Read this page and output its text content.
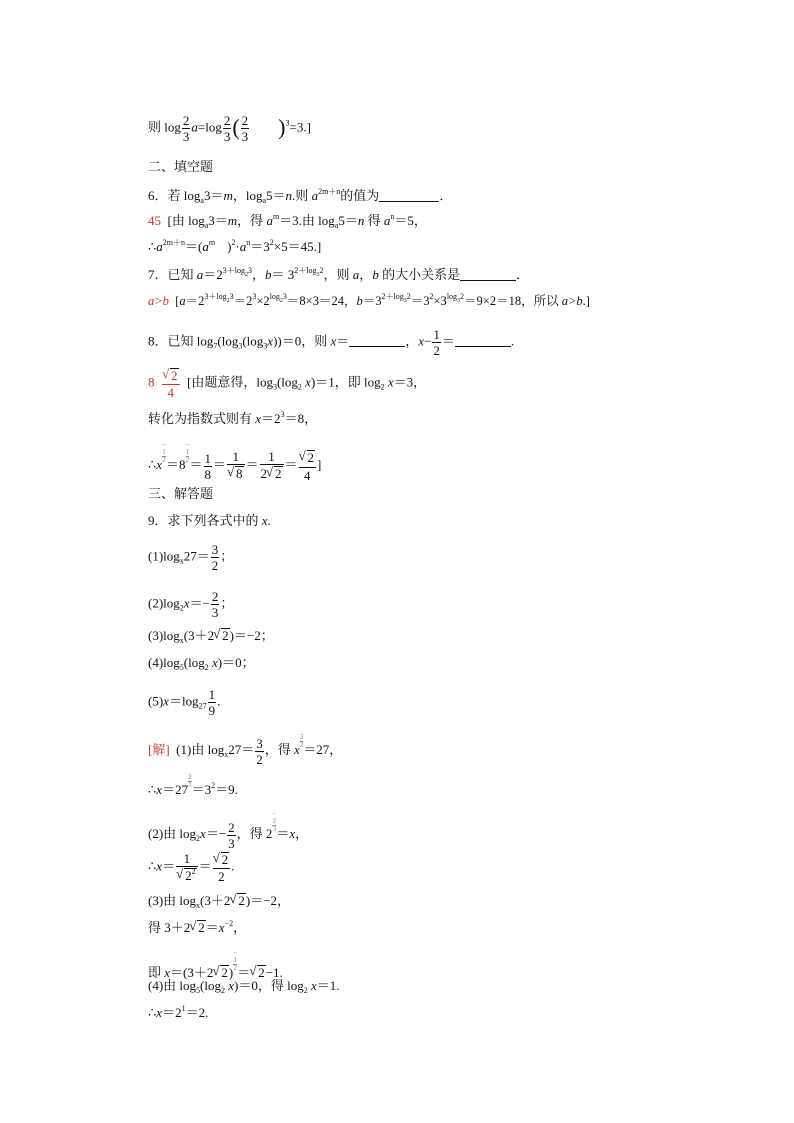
则 $\log \frac{2}{3} a=\log \frac{2}{3}$ ( $\frac{2}{3} )^3=3$.]
二、填空题
6．若 $\log_a3=m$，$\log_a5=n$.则 $a^{2m+n}$的值为	．
45 [由 $\log_a3=m$，得 $a^m=3$.由 $\log_a5=n$ 得 $a^n=5$，
$\therefore a^{2m+n}=(a^m$ )$^2\cdot a^n=3^2\times 5=45$.]
7．已知 $a=2^{3+log_23}$，$b= 3^{2+log_32}$，则 a，b 的大小关系是	．
a>b [$a=2^{3+log_23}=2^3\times 2^{log_23}=8\times 3=24$，$b=3^{2+log_32}=3^2\times 3^{log_32}=9\times 2=18$，所以 a>b.]
8．已知 $\log_7(\log_3(\log_3x))=0$，则 x＝	，$x- \frac{1}{2}$ ＝	.
8
√ $\frac{2}{4}$ [由题意得，$\log_3(\log_2$ x)＝1，即 $\log_2 x=3$，
转化为指数式则有 $x=2^3=8$，
∴x−
1
2 ＝8−
1
$2 = \frac{1}{8} = 1$
√ $8 = \frac{1}{2√ 2}$ ＝
√ $\frac{2}{4}$ ]
三、解答题
9．求下列各式中的 x.
$(1)\log_x27= \frac{3}{2}$ ；
$(2)\log_2x=- \frac{2}{3}$ ；
$(3)\log_x(3+2√$ 2)＝−2；
$(4)\log_5(\log_2$ x)＝0；
$(5)x=\log_{27} \frac{1}{9}$ .
[解] (1)由 $\log_x27= \frac{3}{2}$ ，得 x
$\frac{3}{2}$
＝27，
∴x＝27
$\frac{2}{3}$
$=3^2=9$.
(2)由 $\log_2x=- \frac{2}{3}$ ，得 2−
2
3 ＝x，
∴x＝ 1
√ $2^2$ ＝
√ $\frac{2}{2}$ .
(3)由 $\log_x(3+2√$ 2)＝−2，
得 3＋2√ $2=x^{-2}$，
即 x＝(3＋2√ 2)−
1
2 ＝√ 2−1.
(4)由 $\log_5(\log_2$ x)＝0，得 $\log_2 x=1$.
$\therefore x=2^1=2$.
